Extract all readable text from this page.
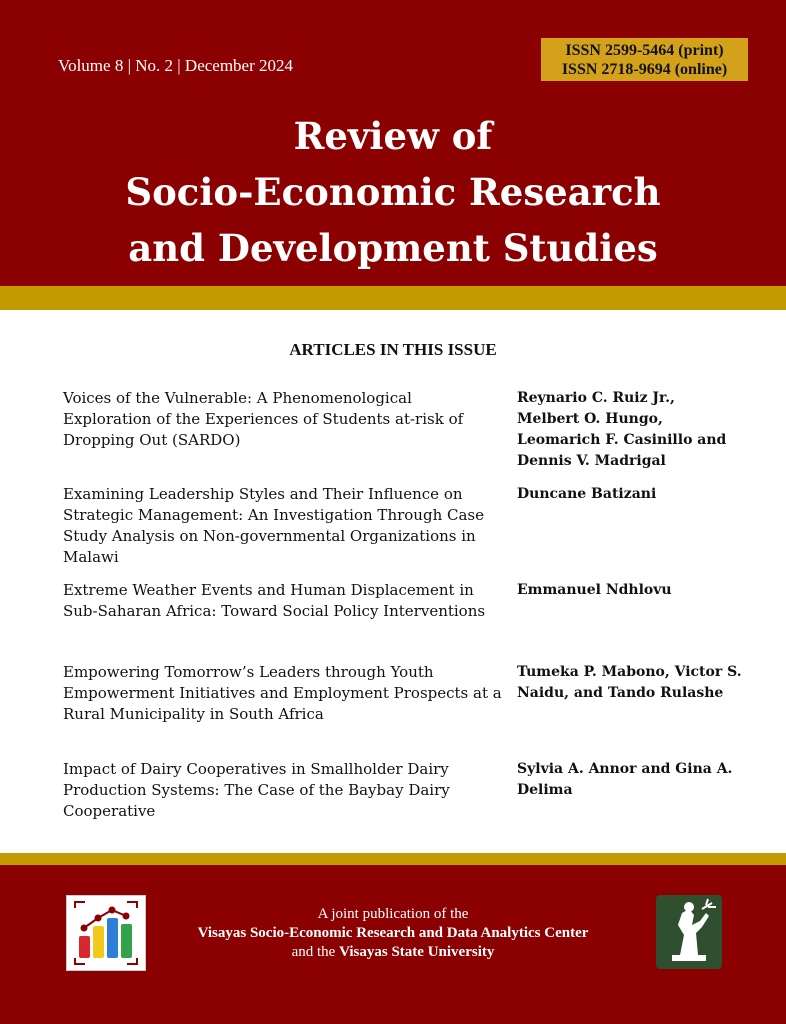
Volume 8 | No. 2 | December 2024
ISSN 2599-5464 (print)
ISSN 2718-9694 (online)
Review of
Socio-Economic Research
and Development Studies
ARTICLES IN THIS ISSUE
Voices of the Vulnerable: A Phenomenological Exploration of the Experiences of Students at-risk of Dropping Out (SARDO)
Reynario C. Ruiz Jr., Melbert O. Hungo, Leomarich F. Casinillo and Dennis V. Madrigal
Examining Leadership Styles and Their Influence on Strategic Management: An Investigation Through Case Study Analysis on Non-governmental Organizations in Malawi
Duncane Batizani
Extreme Weather Events and Human Displacement in Sub-Saharan Africa: Toward Social Policy Interventions
Emmanuel Ndhlovu
Empowering Tomorrow’s Leaders through Youth Empowerment Initiatives and Employment Prospects at a Rural Municipality in South Africa
Tumeka P. Mabono, Victor S. Naidu, and Tando Rulashe
Impact of Dairy Cooperatives in Smallholder Dairy Production Systems: The Case of the Baybay Dairy Cooperative
Sylvia A. Annor and Gina A. Delima
A joint publication of the
Visayas Socio-Economic Research and Data Analytics Center
and the Visayas State University
